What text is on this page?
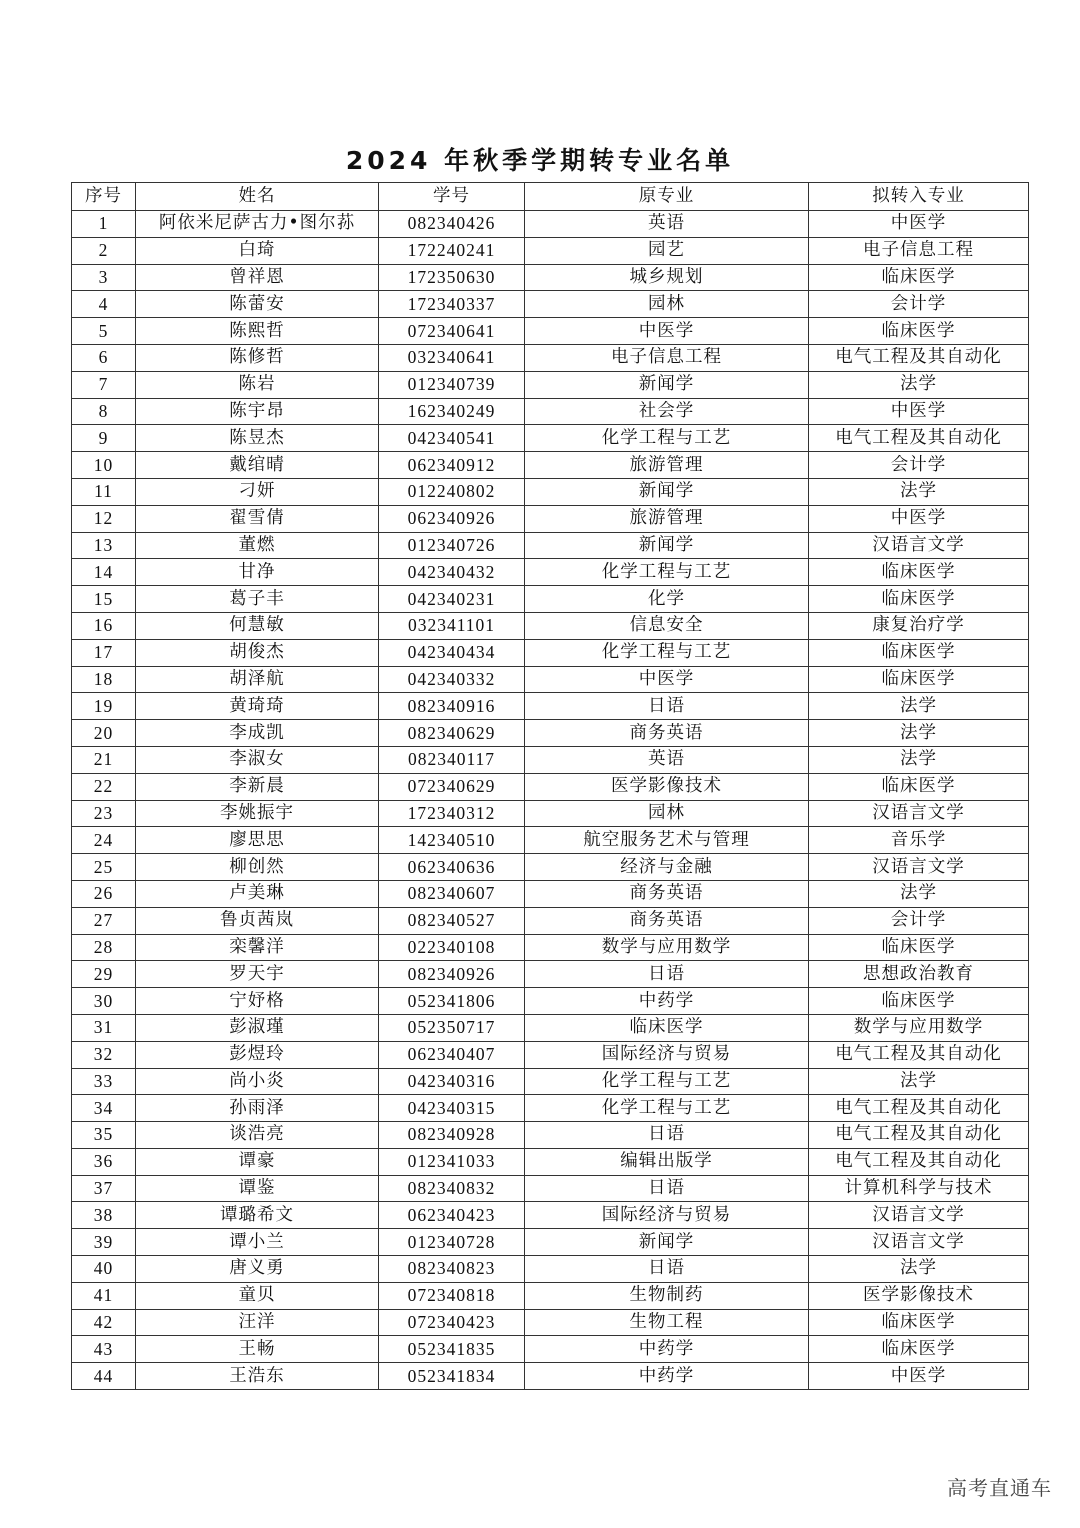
2024 年秋季学期转专业名单
序号	姓名	学号	原专业	拟转入专业
1	阿依米尼萨古力•图尔荪	082340426	英语	中医学
2	白琦	172240241	园艺	电子信息工程
3	曾祥恩	172350630	城乡规划	临床医学
4	陈蕾安	172340337	园林	会计学
5	陈熙哲	072340641	中医学	临床医学
6	陈修哲	032340641	电子信息工程	电气工程及其自动化
7	陈岩	012340739	新闻学	法学
8	陈宇昂	162340249	社会学	中医学
9	陈昱杰	042340541	化学工程与工艺	电气工程及其自动化
10	戴绾晴	062340912	旅游管理	会计学
11	刁妍	012240802	新闻学	法学
12	翟雪倩	062340926	旅游管理	中医学
13	董燃	012340726	新闻学	汉语言文学
14	甘净	042340432	化学工程与工艺	临床医学
15	葛子丰	042340231	化学	临床医学
16	何慧敏	032341101	信息安全	康复治疗学
17	胡俊杰	042340434	化学工程与工艺	临床医学
18	胡泽航	042340332	中医学	临床医学
19	黄琦琦	082340916	日语	法学
20	李成凯	082340629	商务英语	法学
21	李淑女	082340117	英语	法学
22	李新晨	072340629	医学影像技术	临床医学
23	李姚振宇	172340312	园林	汉语言文学
24	廖思思	142340510	航空服务艺术与管理	音乐学
25	柳创然	062340636	经济与金融	汉语言文学
26	卢美琳	082340607	商务英语	法学
27	鲁贞茜岚	082340527	商务英语	会计学
28	栾馨洋	022340108	数学与应用数学	临床医学
29	罗天宇	082340926	日语	思想政治教育
30	宁妤格	052341806	中药学	临床医学
31	彭淑瑾	052350717	临床医学	数学与应用数学
32	彭煜玲	062340407	国际经济与贸易	电气工程及其自动化
33	尚小炎	042340316	化学工程与工艺	法学
34	孙雨泽	042340315	化学工程与工艺	电气工程及其自动化
35	谈浩亮	082340928	日语	电气工程及其自动化
36	谭豪	012341033	编辑出版学	电气工程及其自动化
37	谭鉴	082340832	日语	计算机科学与技术
38	谭璐希文	062340423	国际经济与贸易	汉语言文学
39	谭小兰	012340728	新闻学	汉语言文学
40	唐义勇	082340823	日语	法学
41	童贝	072340818	生物制药	医学影像技术
42	汪洋	072340423	生物工程	临床医学
43	王畅	052341835	中药学	临床医学
44	王浩东	052341834	中药学	中医学
高考直通车
